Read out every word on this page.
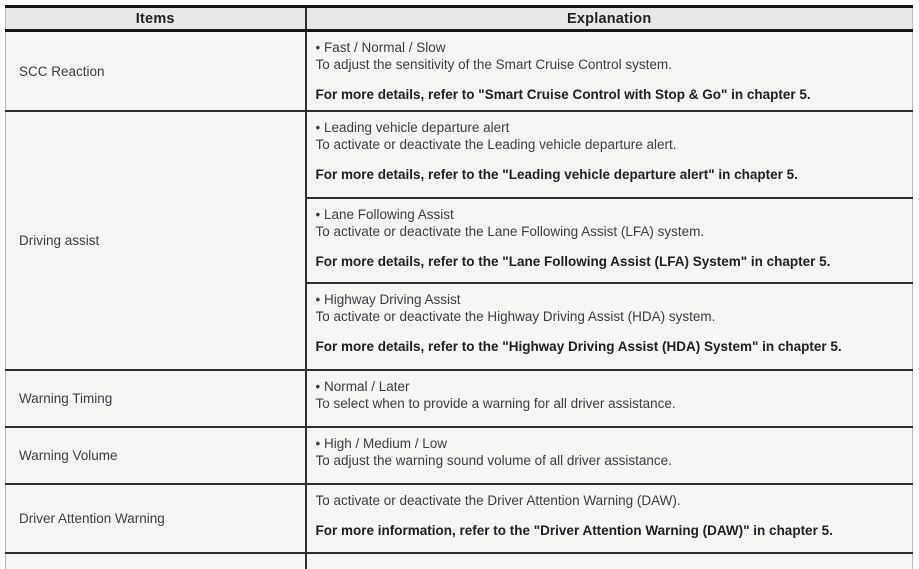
Items	Explanation
SCC Reaction	• Fast / Normal / Slow
To adjust the sensitivity of the Smart Cruise Control system.
For more details, refer to "Smart Cruise Control with Stop & Go" in chapter 5.

Driving assist	• Leading vehicle departure alert
To activate or deactivate the Leading vehicle departure alert.
For more details, refer to the "Leading vehicle departure alert" in chapter 5.

	• Lane Following Assist
To activate or deactivate the Lane Following Assist (LFA) system.
For more details, refer to the "Lane Following Assist (LFA) System" in chapter 5.

	• Highway Driving Assist
To activate or deactivate the Highway Driving Assist (HDA) system.
For more details, refer to the "Highway Driving Assist (HDA) System" in chapter 5.

Warning Timing	• Normal / Later
To select when to provide a warning for all driver assistance.

Warning Volume	• High / Medium / Low
To adjust the warning sound volume of all driver assistance.

Driver Attention Warning	To activate or deactivate the Driver Attention Warning (DAW).
For more information, refer to the "Driver Attention Warning (DAW)" in chapter 5.
